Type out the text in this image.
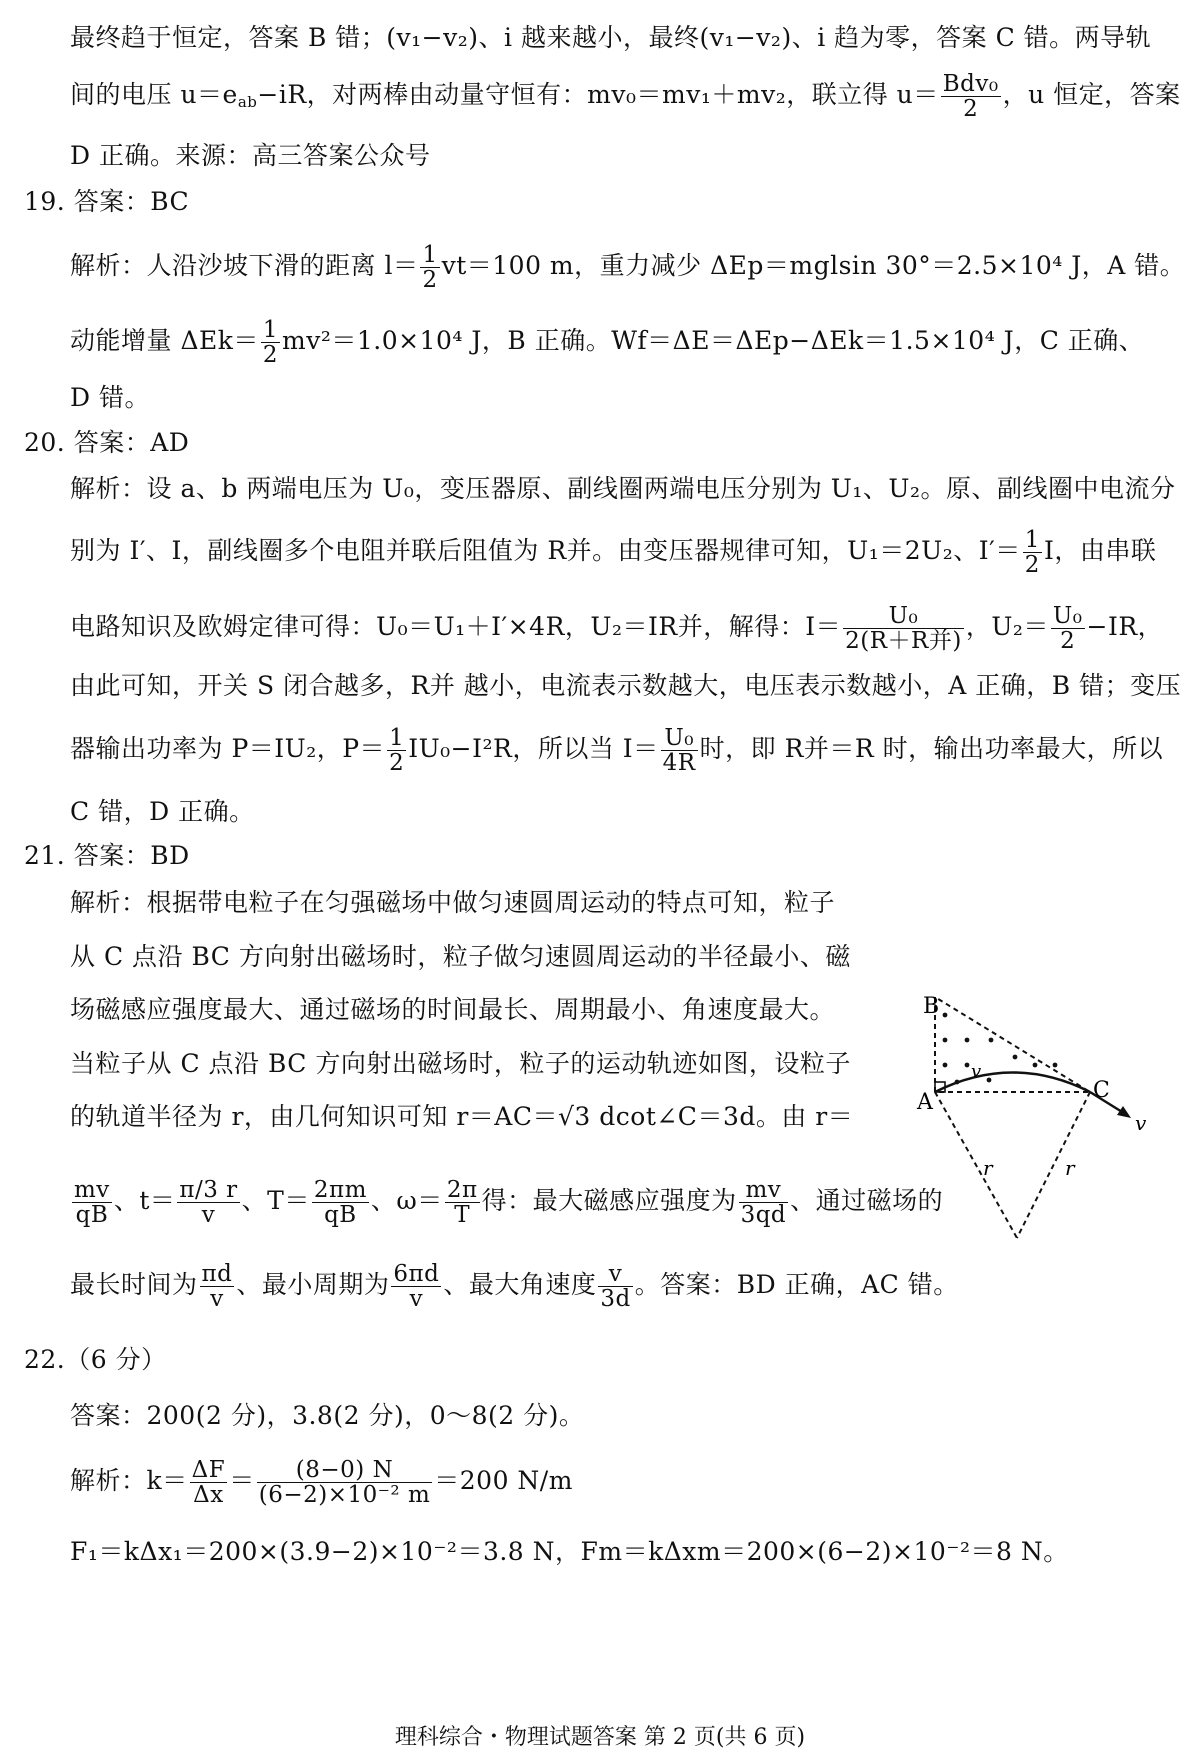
最终趋于恒定，答案 B 错；(v₁−v₂)、i 越来越小，最终(v₁−v₂)、i 趋为零，答案 C 错。两导轨
间的电压 $u=e_{ab}-iR$，对两棒由动量守恒有：mv₀＝mv₁＋mv₂，联立得 $u= \frac{\text{Bdv₀}}{2}$ ，u 恒定，答案
D 正确。来源：高三答案公众号
19. 答案：BC
解析：人沿沙坡下滑的距离 $l= \frac{1}{2} vt=100$ m，重力减少 ΔEp＝mglsin 30°＝2.5×10⁴ J，A 错。
动能增量 $\Delta Ek= \frac{1}{2} mv^2=1.0\times 10^4$ J，B 正确。Wf＝ΔE＝ΔEp−ΔEk＝1.5×10⁴ J，C 正确、
D 错。
20. 答案：AD
解析：设 a、b 两端电压为 U₀，变压器原、副线圈两端电压分别为 U₁、U₂。原、副线圈中电流分
别为 I′、I，副线圈多个电阻并联后阻值为 R并。由变压器规律可知，U₁＝2U₂、$I'= \frac{1}{2}$ I，由串联
电路知识及欧姆定律可得：U₀＝U₁＋I′×4R，U₂＝IR并，解得：$I= \frac{\text{U₀}}{\text{2(R＋R并)}}$ ，$U_2= \frac{\text{U₀}}{2} -IR$，
由此可知，开关 S 闭合越多，R并 越小，电流表示数越大，电压表示数越小，A 正确，B 错；变压
器输出功率为 P＝IU₂，$P= \frac{1}{2} IU_0-I^2R$，所以当 $I= \frac{\text{U₀}}{4R}$ 时，即 R并＝R 时，输出功率最大，所以
C 错，D 正确。
21. 答案：BD
解析：根据带电粒子在匀强磁场中做匀速圆周运动的特点可知，粒子
从 C 点沿 BC 方向射出磁场时，粒子做匀速圆周运动的半径最小、磁
场磁感应强度最大、通过磁场的时间最长、周期最小、角速度最大。
当粒子从 C 点沿 BC 方向射出磁场时，粒子的运动轨迹如图，设粒子
的轨道半径为 r，由几何知识可知 r＝AC＝√3 dcot∠C＝3d。由 r＝
$\frac{mv}{qB}$ 、$t= \frac{\pi/3 r}{v}$ 、$T= \frac{2\pi m}{qB}$ 、$\omega= \frac{2\pi}{T}$ 得：最大磁感应强度为 $\frac{mv}{3qd}$ 、通过磁场的
最长时间为 $\frac{\pi d}{v}$ 、最小周期为 $\frac{6\pi d}{v}$ 、最大角速度 $\frac{v}{3d}$ 。答案：BD 正确，AC 错。
22.（6 分）
答案：200(2 分)，3.8(2 分)，0～8(2 分)。
解析：$k= \frac{\Delta F}{\Delta x} = \frac{(8-0) N}{\text{(6−2)×10⁻² m}} =200$ N/m
F₁＝kΔx₁＝200×(3.9−2)×10⁻²＝3.8 N，Fm＝kΔxm＝200×(6−2)×10⁻²＝8 N。
B
A	C
v
v
r	r
理科综合・物理试题答案 第 2 页(共 6 页)
